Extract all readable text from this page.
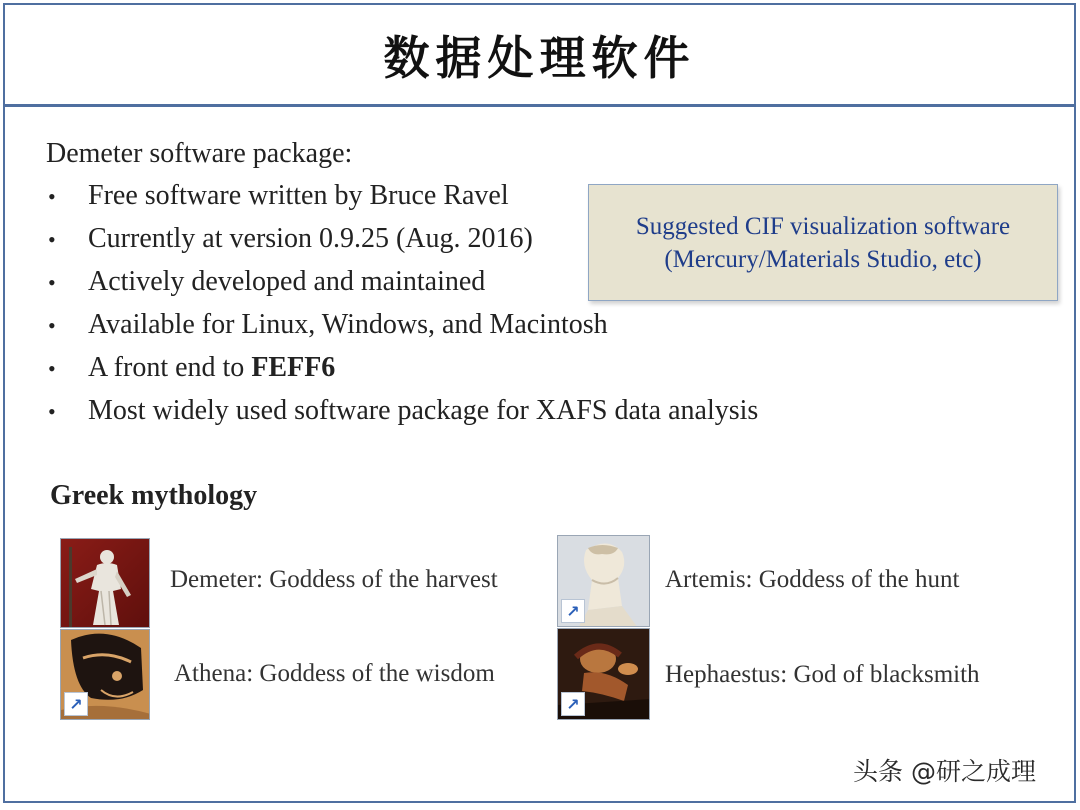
数据处理软件
Demeter software package:
•	Free software written by Bruce Ravel
•	Currently at version 0.9.25 (Aug. 2016)
•	Actively developed and maintained
•	Available for Linux, Windows, and Macintosh
•	A front end to FEFF6
•	Most widely used software package for XAFS data analysis
Suggested CIF visualization software
(Mercury/Materials Studio, etc)
Greek mythology
Demeter: Goddess of the harvest
↗
Athena: Goddess of the wisdom
↗
Artemis: Goddess of the hunt
↗
Hephaestus: God of blacksmith
头条 @研之成理
